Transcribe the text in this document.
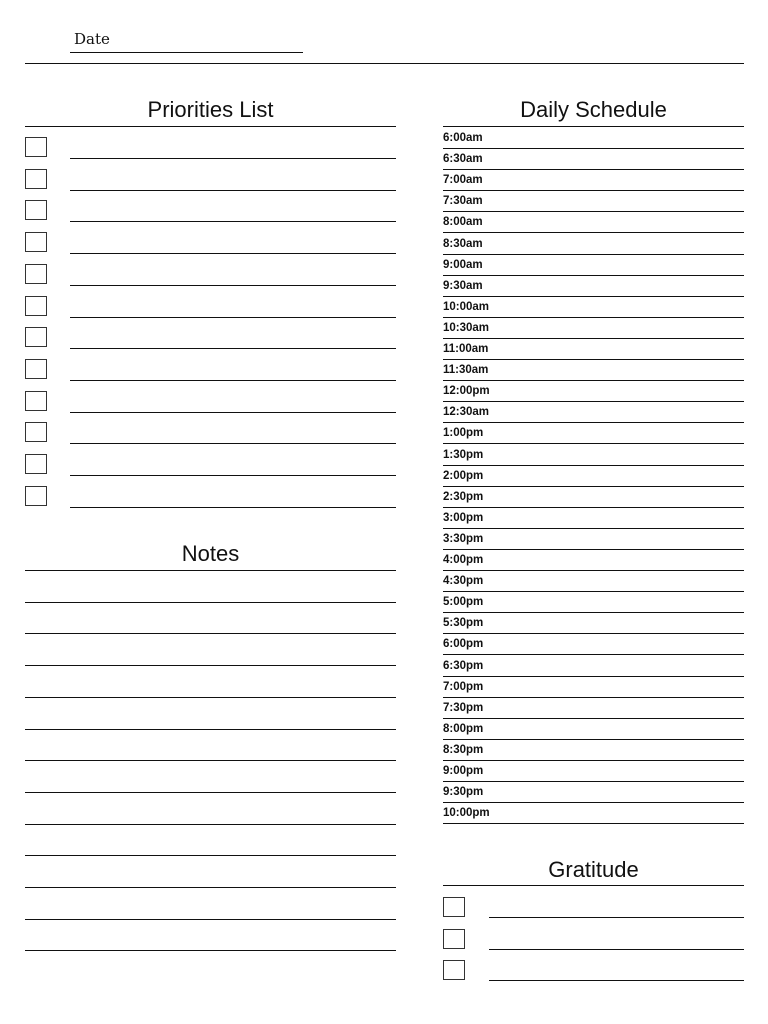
Date
Priorities List
Notes
Daily Schedule
6:00am
6:30am
7:00am
7:30am
8:00am
8:30am
9:00am
9:30am
10:00am
10:30am
11:00am
11:30am
12:00pm
12:30am
1:00pm
1:30pm
2:00pm
2:30pm
3:00pm
3:30pm
4:00pm
4:30pm
5:00pm
5:30pm
6:00pm
6:30pm
7:00pm
7:30pm
8:00pm
8:30pm
9:00pm
9:30pm
10:00pm
Gratitude
